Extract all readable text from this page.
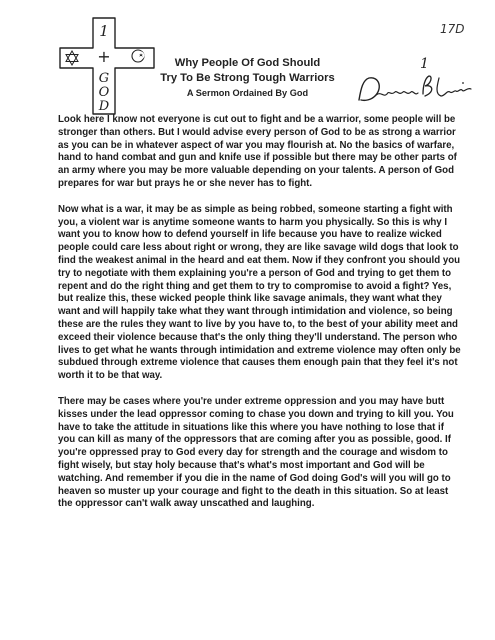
17D
1
+
G
O
D
Why People Of God Should
Try To Be Strong Tough Warriors
A Sermon Ordained By God
1

Look here I know not everyone is cut out to fight and be a warrior, some people will be stronger than others. But I would advise every person of God to be as strong a warrior as you can be in whatever aspect of war you may flourish at. No the basics of warfare, hand to hand combat and gun and knife use if possible but there may be other parts of an army where you may be more valuable depending on your talents. A person of God prepares for war but prays he or she never has to fight.

Now what is a war, it may be as simple as being robbed, someone starting a fight with you, a violent war is anytime someone wants to harm you physically. So this is why I want you to know how to defend yourself in life because you have to realize wicked people could care less about right or wrong, they are like savage wild dogs that look to find the weakest animal in the heard and eat them. Now if they confront you should you try to negotiate with them explaining you're a person of God and trying to get them to repent and do the right thing and get them to try to compromise to avoid a fight? Yes, but realize this, these wicked people think like savage animals, they want what they want and will happily take what they want through intimidation and violence, so being these are the rules they want to live by you have to, to the best of your ability meet and exceed their violence because that's the only thing they'll understand. The person who lives to get what he wants through intimidation and extreme violence may often only be subdued through extreme violence that causes them enough pain that they feel it's not worth it to be that way.

There may be cases where you're under extreme oppression and you may have butt kisses under the lead oppressor coming to chase you down and trying to kill you. You have to take the attitude in situations like this where you have nothing to lose that if you can kill as many of the oppressors that are coming after you as possible, good. If you're oppressed pray to God every day for strength and the courage and wisdom to fight wisely, but stay holy because that's what's most important and God will be watching. And remember if you die in the name of God doing God's will you will go to heaven so muster up your courage and fight to the death in this situation. So at least the oppressor can't walk away unscathed and laughing.
